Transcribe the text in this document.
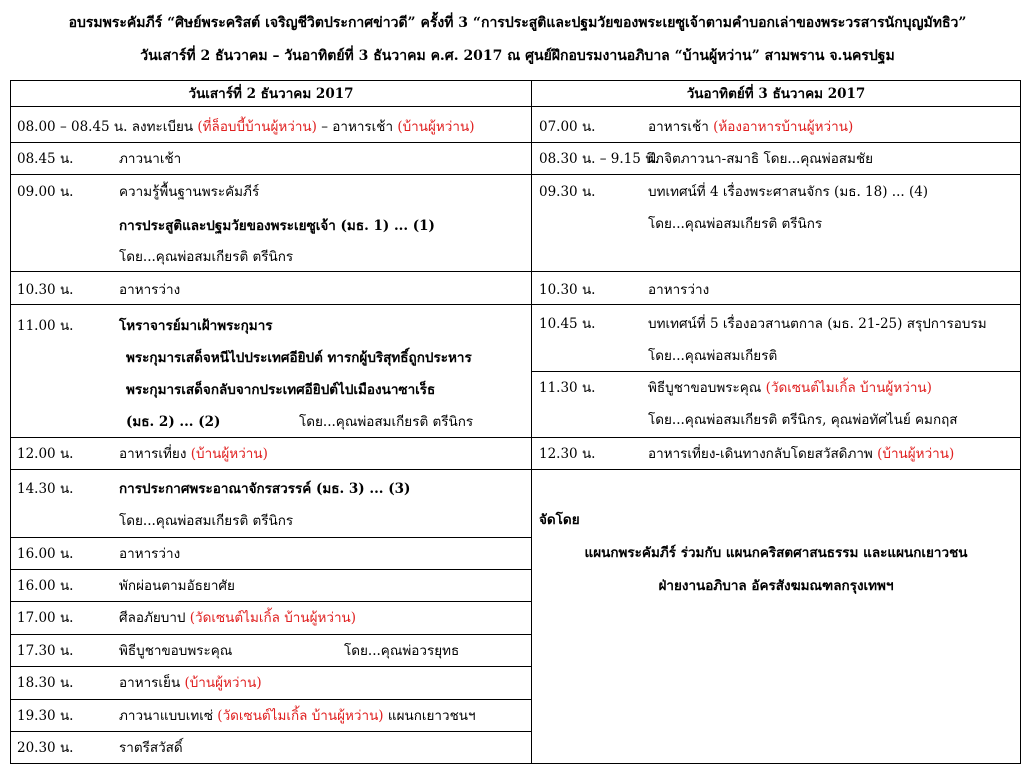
อบรมพระคัมภีร์ “ศิษย์พระคริสต์ เจริญชีวิตประกาศข่าวดี” ครั้งที่ 3 “การประสูติและปฐมวัยของพระเยซูเจ้าตามคำบอกเล่าของพระวรสารนักบุญมัทธิว”
วันเสาร์ที่ 2 ธันวาคม – วันอาทิตย์ที่ 3 ธันวาคม ค.ศ. 2017 ณ ศูนย์ฝึกอบรมงานอภิบาล “บ้านผู้หว่าน” สามพราน จ.นครปฐม
วันเสาร์ที่ 2 ธันวาคม 2017	วันอาทิตย์ที่ 3 ธันวาคม 2017
08.00 – 08.45 น. ลงทะเบียน (ที่ล็อบบี้บ้านผู้หว่าน) – อาหารเช้า (บ้านผู้หว่าน)
08.45 น.	ภาวนาเช้า
09.00 น.	ความรู้พื้นฐานพระคัมภีร์
การประสูติและปฐมวัยของพระเยซูเจ้า (มธ. 1) ... (1)
โดย...คุณพ่อสมเกียรติ ตรีนิกร
10.30 น.	อาหารว่าง
11.00 น.	โหราจารย์มาเฝ้าพระกุมาร
พระกุมารเสด็จหนีไปประเทศอียิปต์ ทารกผู้บริสุทธิ์ถูกประหาร
พระกุมารเสด็จกลับจากประเทศอียิปต์ไปเมืองนาซาเร็ธ
(มธ. 2) ... (2)	โดย...คุณพ่อสมเกียรติ ตรีนิกร
12.00 น.	อาหารเที่ยง (บ้านผู้หว่าน)
14.30 น.	การประกาศพระอาณาจักรสวรรค์ (มธ. 3) ... (3)
โดย...คุณพ่อสมเกียรติ ตรีนิกร
16.00 น.	อาหารว่าง
16.00 น.	พักผ่อนตามอัธยาศัย
17.00 น.	ศีลอภัยบาป (วัดเซนต์ไมเกิ้ล บ้านผู้หว่าน)
17.30 น.	พิธีบูชาขอบพระคุณ	โดย...คุณพ่อวรยุทธ
18.30 น.	อาหารเย็น (บ้านผู้หว่าน)
19.30 น.	ภาวนาแบบเทเซ่ (วัดเซนต์ไมเกิ้ล บ้านผู้หว่าน) แผนกเยาวชนฯ
20.30 น.	ราตรีสวัสดิ์
07.00 น.	อาหารเช้า (ห้องอาหารบ้านผู้หว่าน)
08.30 น. – 9.15 น.
ฝึกจิตภาวนา-สมาธิ โดย...คุณพ่อสมชัย
09.30 น.	บทเทศน์ที่ 4 เรื่องพระศาสนจักร (มธ. 18) ... (4)
โดย...คุณพ่อสมเกียรติ ตรีนิกร
10.30 น.	อาหารว่าง
10.45 น.	บทเทศน์ที่ 5 เรื่องอวสานตกาล (มธ. 21-25) สรุปการอบรม
โดย...คุณพ่อสมเกียรติ
11.30 น.	พิธีบูชาขอบพระคุณ (วัดเซนต์ไมเกิ้ล บ้านผู้หว่าน)
โดย...คุณพ่อสมเกียรติ ตรีนิกร, คุณพ่อทัศไนย์ คมกฤส
12.30 น.	อาหารเที่ยง-เดินทางกลับโดยสวัสดิภาพ (บ้านผู้หว่าน)
จัดโดย
แผนกพระคัมภีร์ ร่วมกับ แผนกคริสตศาสนธรรม และแผนกเยาวชน
ฝ่ายงานอภิบาล อัครสังฆมณฑลกรุงเทพฯ
